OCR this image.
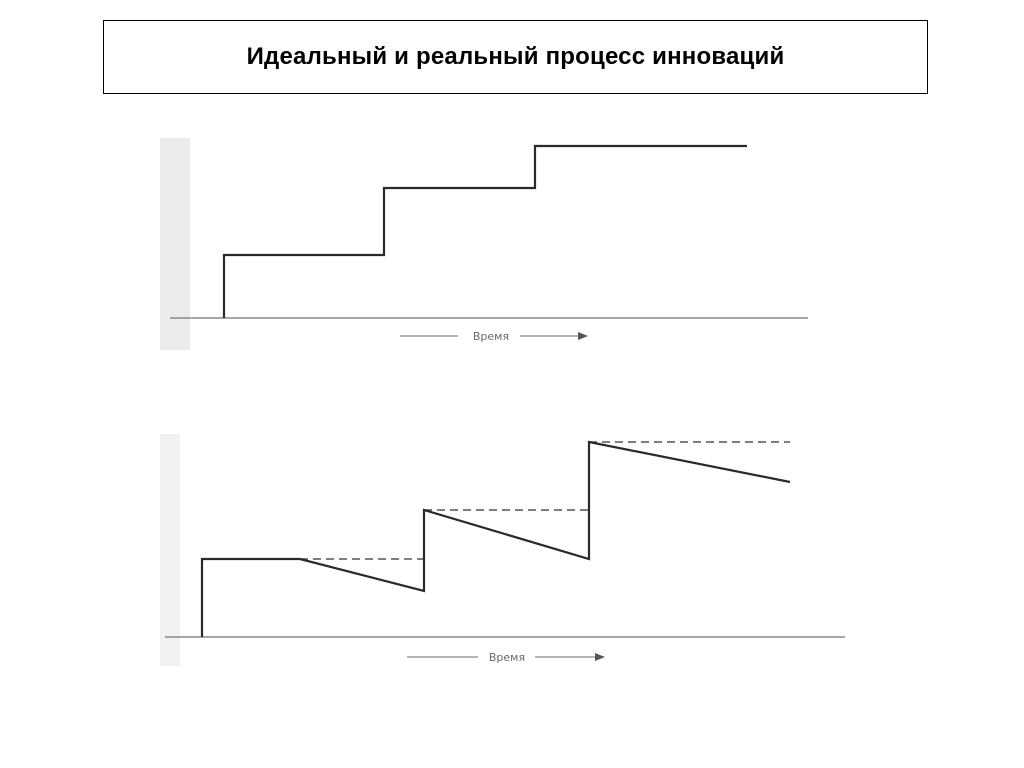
Идеальный и реальный процесс инноваций
Время
Время
